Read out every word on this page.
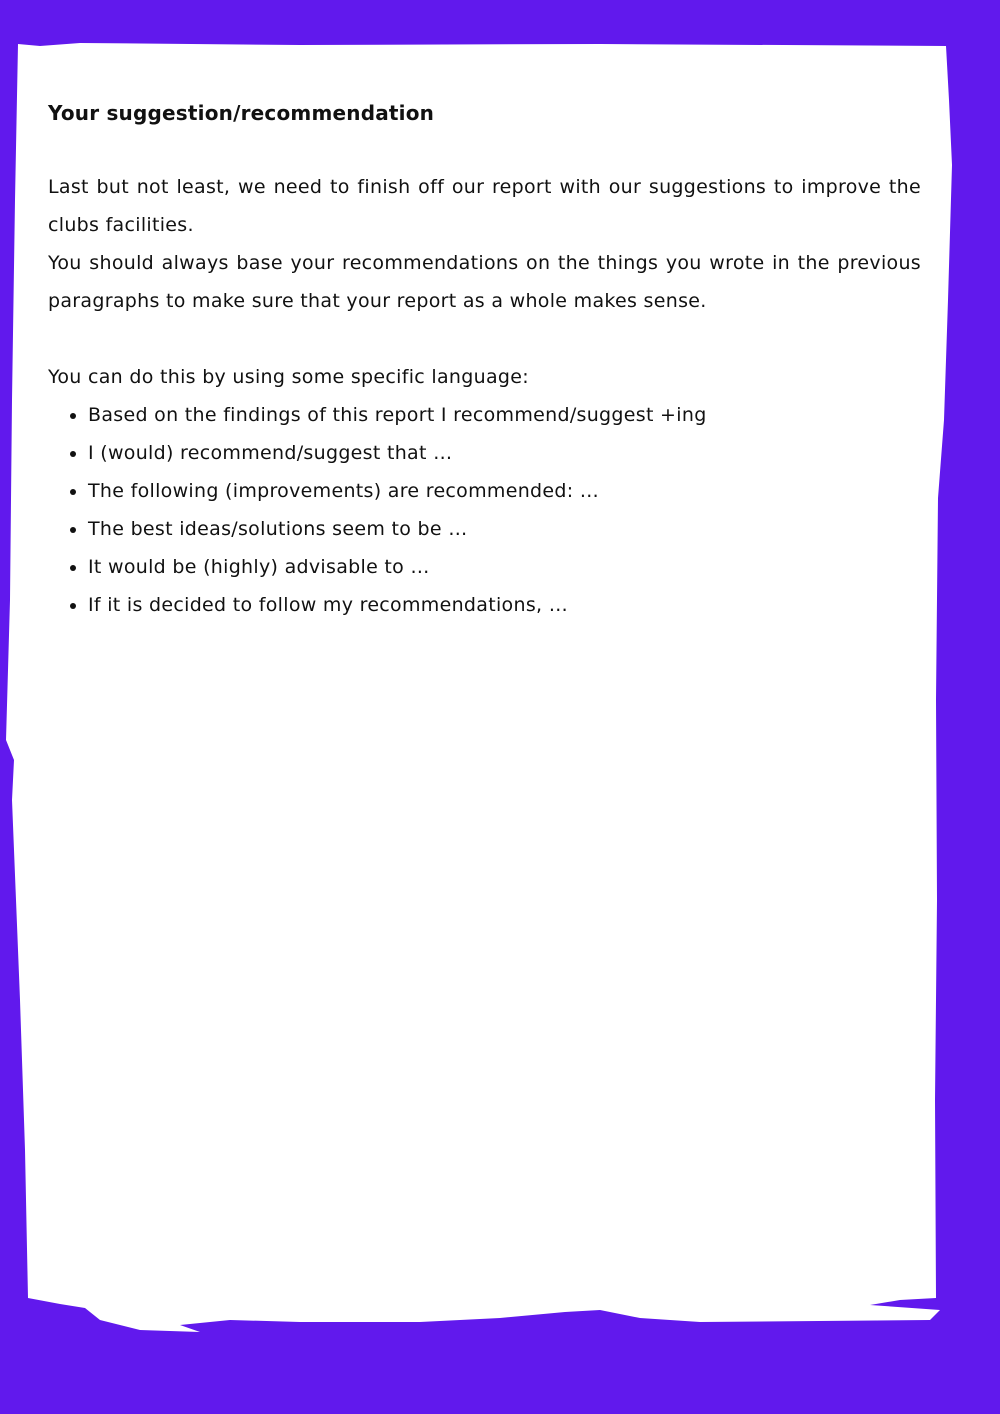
Your suggestion/recommendation

Last but not least, we need to finish off our report with our suggestions to improve the clubs facilities.

You should always base your recommendations on the things you wrote in the previous paragraphs to make sure that your report as a whole makes sense.

You can do this by using some specific language:

• Based on the findings of this report I recommend/suggest +ing
• I (would) recommend/suggest that …
• The following (improvements) are recommended: …
• The best ideas/solutions seem to be …
• It would be (highly) advisable to …
• If it is decided to follow my recommendations, …
